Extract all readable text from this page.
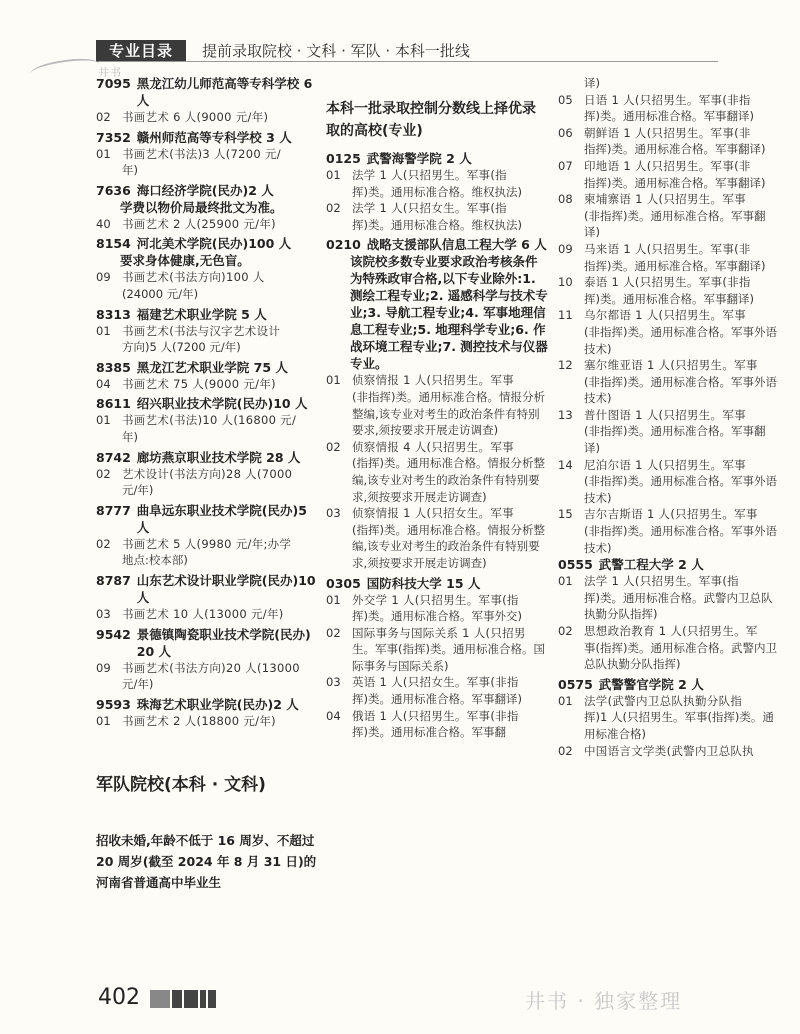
专业目录	提前录取院校 · 文科 · 军队 · 本科一批线
井书
7095 黑龙江幼儿师范高等专科学校 6 人
02 书画艺术 6 人(9000 元/年)
7352 赣州师范高等专科学校 3 人
01 书画艺术(书法)3 人(7200 元/
年)
7636 海口经济学院(民办)2 人
学费以物价局最终批文为准。
40 书画艺术 2 人(25900 元/年)
8154 河北美术学院(民办)100 人
要求身体健康,无色盲。
09 书画艺术(书法方向)100 人
(24000 元/年)
8313 福建艺术职业学院 5 人
01 书画艺术(书法与汉字艺术设计
方向)5 人(7200 元/年)
8385 黑龙江艺术职业学院 75 人
04 书画艺术 75 人(9000 元/年)
8611 绍兴职业技术学院(民办)10 人
01 书画艺术(书法)10 人(16800 元/
年)
8742 廊坊燕京职业技术学院 28 人
02 艺术设计(书法方向)28 人(7000
元/年)
8777 曲阜远东职业技术学院(民办)5 人
02 书画艺术 5 人(9980 元/年;办学
地点:校本部)
8787 山东艺术设计职业学院(民办)10 人
03 书画艺术 10 人(13000 元/年)
9542 景德镇陶瓷职业技术学院(民办) 20 人
09 书画艺术(书法方向)20 人(13000
元/年)
9593 珠海艺术职业学院(民办)2 人
01 书画艺术 2 人(18800 元/年)
军队院校(本科 · 文科)
招收未婚,年龄不低于 16 周岁、不超过 20 周岁(截至 2024 年 8 月 31 日)的河南省普通高中毕业生
本科一批录取控制分数线上择优录取的高校(专业)
0125 武警海警学院 2 人
01 法学 1 人(只招男生。军事(指
挥)类。通用标准合格。维权执法)
02 法学 1 人(只招女生。军事(指
挥)类。通用标准合格。维权执法)
0210 战略支援部队信息工程大学 6 人
该院校多数专业要求政治考核条件为特殊政审合格,以下专业除外:1. 测绘工程专业;2. 遥感科学与技术专业;3. 导航工程专业;4. 军事地理信息工程专业;5. 地理科学专业;6. 作战环境工程专业;7. 测控技术与仪器专业。
01 侦察情报 1 人(只招男生。军事
(非指挥)类。通用标准合格。情报分析整编,该专业对考生的政治条件有特别要求,须按要求开展走访调查)
02 侦察情报 4 人(只招男生。军事
(指挥)类。通用标准合格。情报分析整编,该专业对考生的政治条件有特别要求,须按要求开展走访调查)
03 侦察情报 1 人(只招女生。军事
(指挥)类。通用标准合格。情报分析整编,该专业对考生的政治条件有特别要求,须按要求开展走访调查)
0305 国防科技大学 15 人
01 外交学 1 人(只招男生。军事(指
挥)类。通用标准合格。军事外交)
02 国际事务与国际关系 1 人(只招男
生。军事(指挥)类。通用标准合格。国际事务与国际关系)
03 英语 1 人(只招女生。军事(非指
挥)类。通用标准合格。军事翻译)
04 俄语 1 人(只招男生。军事(非指
挥)类。通用标准合格。军事翻
译)
05 日语 1 人(只招男生。军事(非指
挥)类。通用标准合格。军事翻译)
06 朝鲜语 1 人(只招男生。军事(非
指挥)类。通用标准合格。军事翻译)
07 印地语 1 人(只招男生。军事(非
指挥)类。通用标准合格。军事翻译)
08 柬埔寨语 1 人(只招男生。军事
(非指挥)类。通用标准合格。军事翻译)
09 马来语 1 人(只招男生。军事(非
指挥)类。通用标准合格。军事翻译)
10 泰语 1 人(只招男生。军事(非指
挥)类。通用标准合格。军事翻译)
11 乌尔都语 1 人(只招男生。军事
(非指挥)类。通用标准合格。军事外语技术)
12 塞尔维亚语 1 人(只招男生。军事
(非指挥)类。通用标准合格。军事外语技术)
13 普什图语 1 人(只招男生。军事
(非指挥)类。通用标准合格。军事翻译)
14 尼泊尔语 1 人(只招男生。军事
(非指挥)类。通用标准合格。军事外语技术)
15 吉尔吉斯语 1 人(只招男生。军事
(非指挥)类。通用标准合格。军事外语技术)
0555 武警工程大学 2 人
01 法学 1 人(只招男生。军事(指
挥)类。通用标准合格。武警内卫总队执勤分队指挥)
02 思想政治教育 1 人(只招男生。军
事(指挥)类。通用标准合格。武警内卫总队执勤分队指挥)
0575 武警警官学院 2 人
01 法学(武警内卫总队执勤分队指
挥)1 人(只招男生。军事(指挥)类。通用标准合格)
02 中国语言文学类(武警内卫总队执
402	井书 · 独家整理
